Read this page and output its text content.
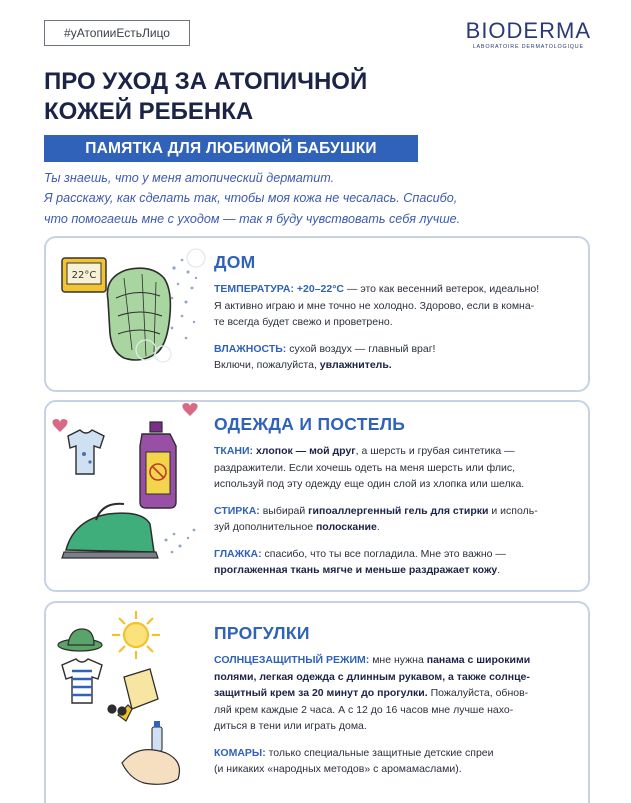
#уАтопииЕстьЛицо	BIODERMA
LABORATOIRE DERMATOLOGIQUE
ПРО УХОД ЗА АТОПИЧНОЙ
КОЖЕЙ РЕБЕНКА
ПАМЯТКА ДЛЯ ЛЮБИМОЙ БАБУШКИ
Ты знаешь, что у меня атопический дерматит.
Я расскажу, как сделать так, чтобы моя кожа не чесалась. Спасибо,
что помогаешь мне с уходом — так я буду чувствовать себя лучше.
22°C
ДОМ

ТЕМПЕРАТУРА: +20–22°C — это как весенний ветерок, идеально!
Я активно играю и мне точно не холодно. Здорово, если в комна-
те всегда будет свежо и проветрено.

ВЛАЖНОСТЬ: сухой воздух — главный враг!
Включи, пожалуйста, увлажнитель.

ОДЕЖДА И ПОСТЕЛЬ

ТКАНИ: хлопок — мой друг, а шерсть и грубая синтетика —
раздражители. Если хочешь одеть на меня шерсть или флис,
используй под эту одежду еще один слой из хлопка или шелка.

СТИРКА: выбирай гипоаллергенный гель для стирки и исполь-
зуй дополнительное полоскание.

ГЛАЖКА: спасибо, что ты все погладила. Мне это важно —
проглаженная ткань мягче и меньше раздражает кожу.

ПРОГУЛКИ

СОЛНЦЕЗАЩИТНЫЙ РЕЖИМ: мне нужна панама с широкими
полями, легкая одежда с длинным рукавом, а также солнце-
защитный крем за 20 минут до прогулки. Пожалуйста, обнов-
ляй крем каждые 2 часа. А с 12 до 16 часов мне лучше нахо-
диться в тени или играть дома.

КОМАРЫ: только специальные защитные детские спреи
(и никаких «народных методов» с аромамаслами).
